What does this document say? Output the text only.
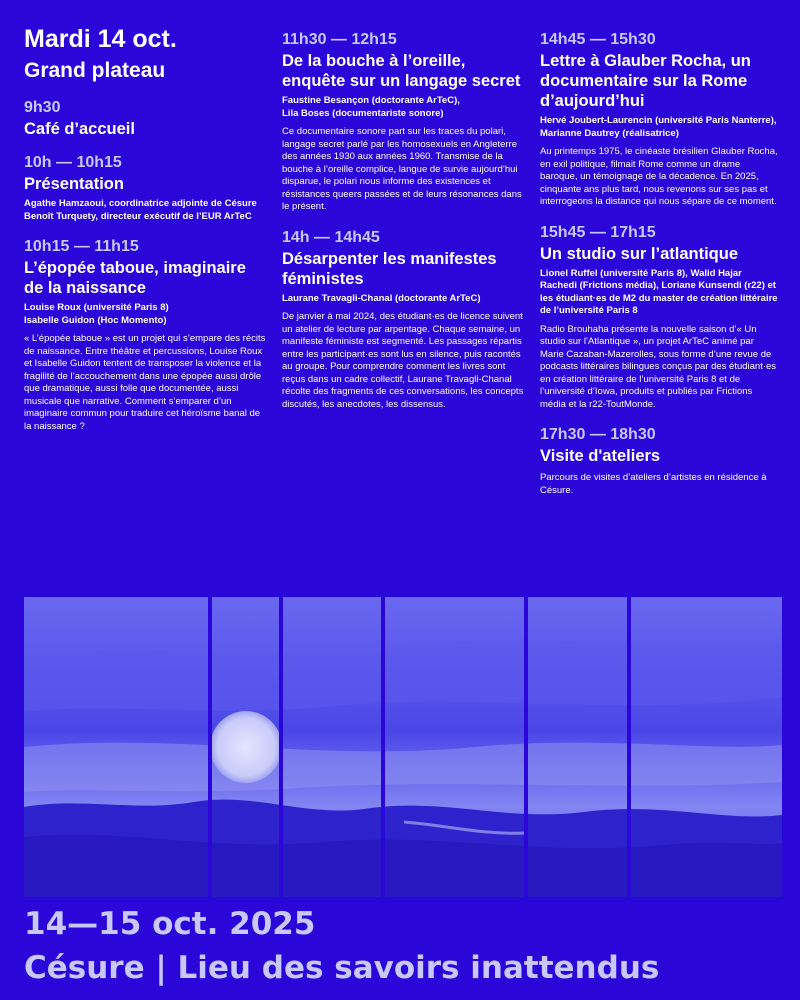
Mardi 14 oct.
Grand plateau
9h30
Café d’accueil
10h — 10h15
Présentation
Agathe Hamzaoui, coordinatrice adjointe de Césure
Benoît Turquety, directeur exécutif de l’EUR ArTeC
10h15 — 11h15
L’épopée taboue, imaginaire de la naissance
Louise Roux (université Paris 8)
Isabelle Guidon (Hoc Momento)
« L’épopée taboue » est un projet qui s’empare des récits de naissance. Entre théâtre et percussions, Louise Roux et Isabelle Guidon tentent de transposer la violence et la fragilité de l’accouchement dans une épopée aussi drôle que dramatique, aussi folle que documentée, aussi musicale que narrative. Comment s’emparer d’un imaginaire commun pour traduire cet héroïsme banal de la naissance ?
11h30 — 12h15
De la bouche à l’oreille, enquête sur un langage secret
Faustine Besançon (doctorante ArTeC),
Lila Boses (documentariste sonore)
Ce documentaire sonore part sur les traces du polari, langage secret parlé par les homosexuels en Angleterre des années 1930 aux années 1960. Transmise de la bouche à l’oreille complice, langue de survie aujourd’hui disparue, le polari nous informe des existences et résistances queers passées et de leurs résonances dans le présent.
14h — 14h45
Désarpenter les manifestes féministes
Laurane Travagli-Chanal (doctorante ArTeC)
De janvier à mai 2024, des étudiant·es de licence suivent un atelier de lecture par arpentage. Chaque semaine, un manifeste féministe est segmenté. Les passages répartis entre les participant·es sont lus en silence, puis racontés au groupe. Pour comprendre comment les livres sont reçus dans un cadre collectif, Laurane Travagli-Chanal récolte des fragments de ces conversations, les concepts discutés, les anecdotes, les dissensus.
14h45 — 15h30
Lettre à Glauber Rocha, un documentaire sur la Rome d’aujourd’hui
Hervé Joubert-Laurencin (université Paris Nanterre),
Marianne Dautrey (réalisatrice)
Au printemps 1975, le cinéaste brésilien Glauber Rocha, en exil politique, filmait Rome comme un drame baroque, un témoignage de la décadence. En 2025, cinquante ans plus tard, nous revenons sur ses pas et interrogeons la distance qui nous sépare de ce moment.
15h45 — 17h15
Un studio sur l’atlantique
Lionel Ruffel (université Paris 8), Walid Hajar Rachedi (Frictions média), Loriane Kunsendi (r22) et les étudiant·es de M2 du master de création littéraire de l’université Paris 8
Radio Brouhaha présente la nouvelle saison d’« Un studio sur l’Atlantique », un projet ArTeC animé par Marie Cazaban-Mazerolles, sous forme d’une revue de podcasts littéraires bilingues conçus par des étudiant·es en création littéraire de l’université Paris 8 et de l’université d’Iowa, produits et publiés par Frictions média et la r22-ToutMonde.
17h30 — 18h30
Visite d'ateliers
Parcours de visites d’ateliers d’artistes en résidence à Césure.
14—15 oct. 2025
Césure | Lieu des savoirs inattendus
